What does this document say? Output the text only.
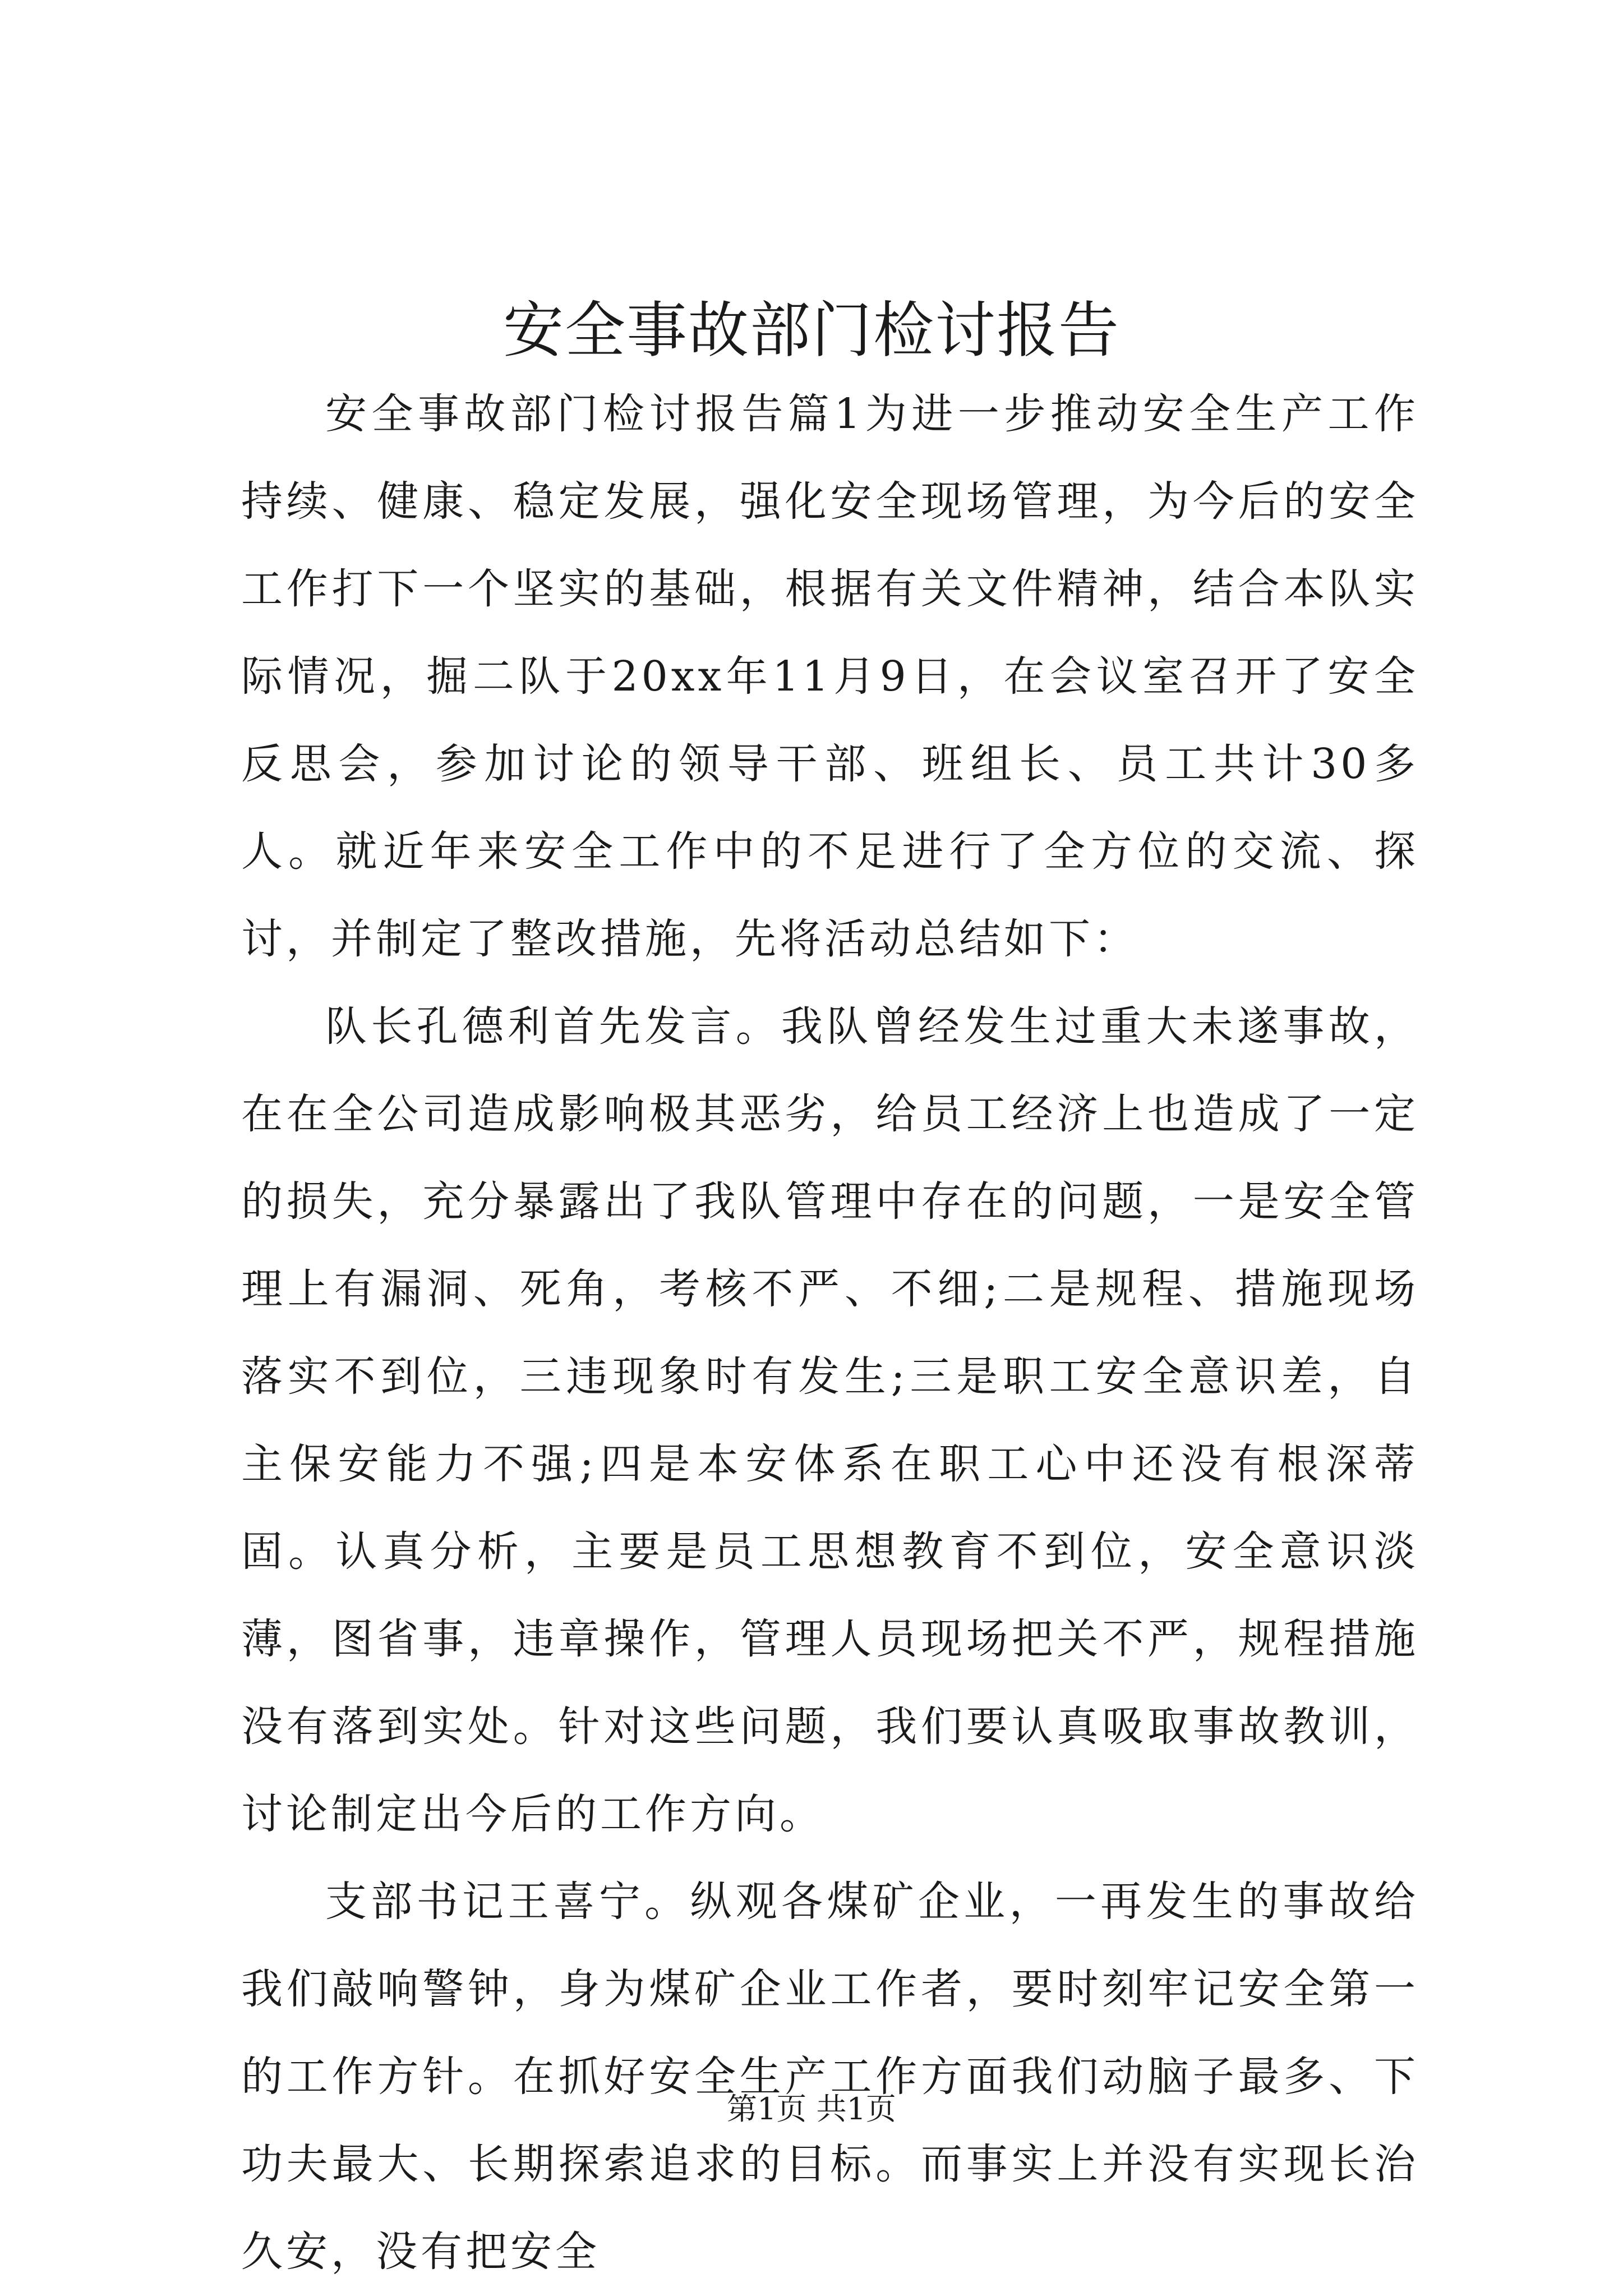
安全事故部门检讨报告

安全事故部门检讨报告篇1为进一步推动安全生产工作持续、健康、稳定发展，强化安全现场管理，为今后的安全工作打下一个坚实的基础，根据有关文件精神，结合本队实际情况，掘二队于20xx年11月9日，在会议室召开了安全反思会，参加讨论的领导干部、班组长、员工共计30多人。就近年来安全工作中的不足进行了全方位的交流、探讨，并制定了整改措施，先将活动总结如下：

队长孔德利首先发言。我队曾经发生过重大未遂事故，在在全公司造成影响极其恶劣，给员工经济上也造成了一定的损失，充分暴露出了我队管理中存在的问题，一是安全管理上有漏洞、死角，考核不严、不细;二是规程、措施现场落实不到位，三违现象时有发生;三是职工安全意识差，自主保安能力不强;四是本安体系在职工心中还没有根深蒂固。认真分析，主要是员工思想教育不到位，安全意识淡薄，图省事，违章操作，管理人员现场把关不严，规程措施没有落到实处。针对这些问题，我们要认真吸取事故教训，讨论制定出今后的工作方向。

支部书记王喜宁。纵观各煤矿企业，一再发生的事故给我们敲响警钟，身为煤矿企业工作者，要时刻牢记安全第一的工作方针。在抓好安全生产工作方面我们动脑子最多、下功夫最大、长期探索追求的目标。而事实上并没有实现长治久安，没有把安全

第1页 共1页
